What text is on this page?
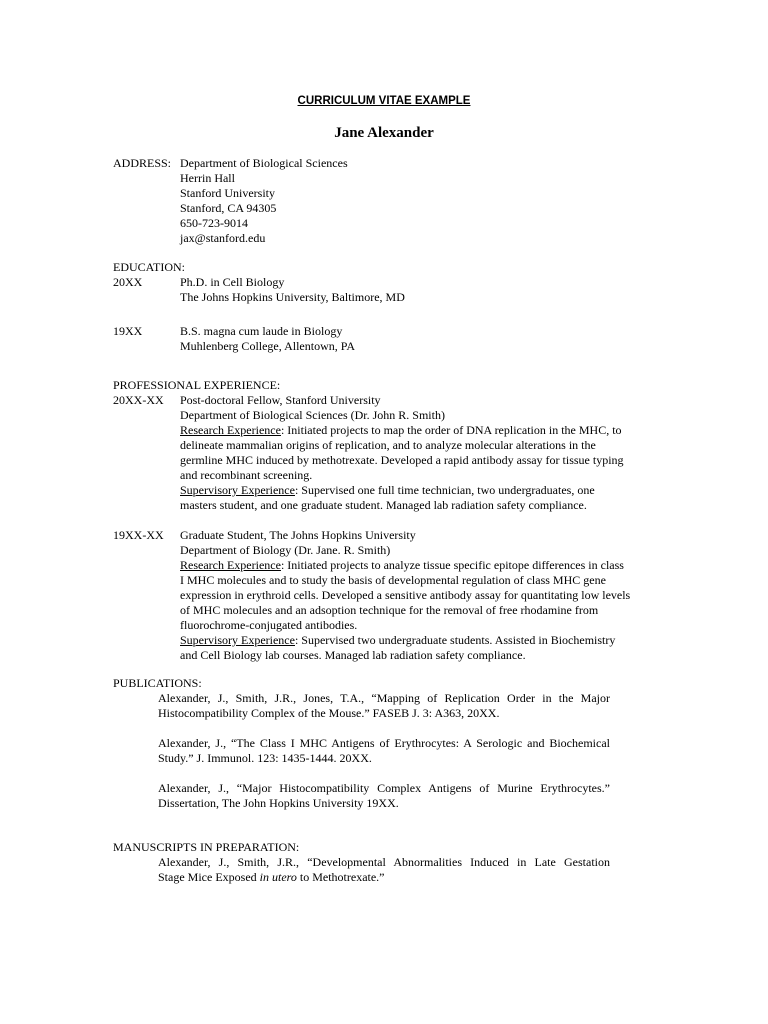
CURRICULUM VITAE EXAMPLE
Jane Alexander
ADDRESS: Department of Biological Sciences
Herrin Hall
Stanford University
Stanford, CA 94305
650-723-9014
jax@stanford.edu
EDUCATION:
20XX	Ph.D. in Cell Biology
The Johns Hopkins University, Baltimore, MD
19XX	B.S. magna cum laude in Biology
Muhlenberg College, Allentown, PA
PROFESSIONAL EXPERIENCE:
20XX-XX Post-doctoral Fellow, Stanford University
Department of Biological Sciences (Dr. John R. Smith)
Research Experience: Initiated projects to map the order of DNA replication in the MHC, to
delineate mammalian origins of replication, and to analyze molecular alterations in the
germline MHC induced by methotrexate. Developed a rapid antibody assay for tissue typing
and recombinant screening.
Supervisory Experience: Supervised one full time technician, two undergraduates, one
masters student, and one graduate student. Managed lab radiation safety compliance.
19XX-XX Graduate Student, The Johns Hopkins University
Department of Biology (Dr. Jane. R. Smith)
Research Experience: Initiated projects to analyze tissue specific epitope differences in class
I MHC molecules and to study the basis of developmental regulation of class MHC gene
expression in erythroid cells. Developed a sensitive antibody assay for quantitating low levels
of MHC molecules and an adsoption technique for the removal of free rhodamine from
fluorochrome-conjugated antibodies.
Supervisory Experience: Supervised two undergraduate students. Assisted in Biochemistry
and Cell Biology lab courses. Managed lab radiation safety compliance.
PUBLICATIONS:
Alexander, J., Smith, J.R., Jones, T.A., “Mapping of Replication Order in the Major
Histocompatibility Complex of the Mouse.” FASEB J. 3: A363, 20XX.
Alexander, J., “The Class I MHC Antigens of Erythrocytes: A Serologic and Biochemical
Study.” J. Immunol. 123: 1435-1444. 20XX.
Alexander, J., “Major Histocompatibility Complex Antigens of Murine Erythrocytes.”
Dissertation, The John Hopkins University 19XX.
MANUSCRIPTS IN PREPARATION:
Alexander, J., Smith, J.R., “Developmental Abnormalities Induced in Late Gestation
Stage Mice Exposed in utero to Methotrexate.”
